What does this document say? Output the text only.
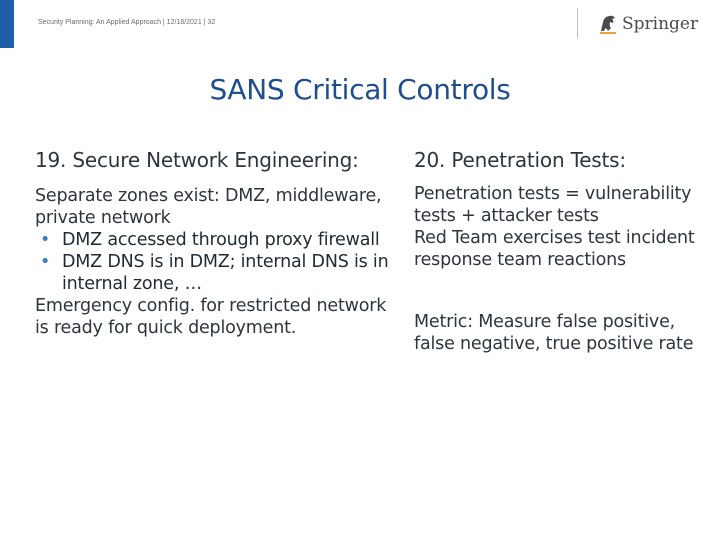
Security Planning: An Applied Approach | 12/18/2021 | 32	Springer
SANS Critical Controls
19. Secure Network Engineering:
Separate zones exist: DMZ, middleware, private network
• DMZ accessed through proxy firewall
• DMZ DNS is in DMZ; internal DNS is in internal zone, …
Emergency config. for restricted network is ready for quick deployment.
20. Penetration Tests:
Penetration tests = vulnerability tests + attacker tests
Red Team exercises test incident response team reactions
Metric: Measure false positive, false negative, true positive rate
